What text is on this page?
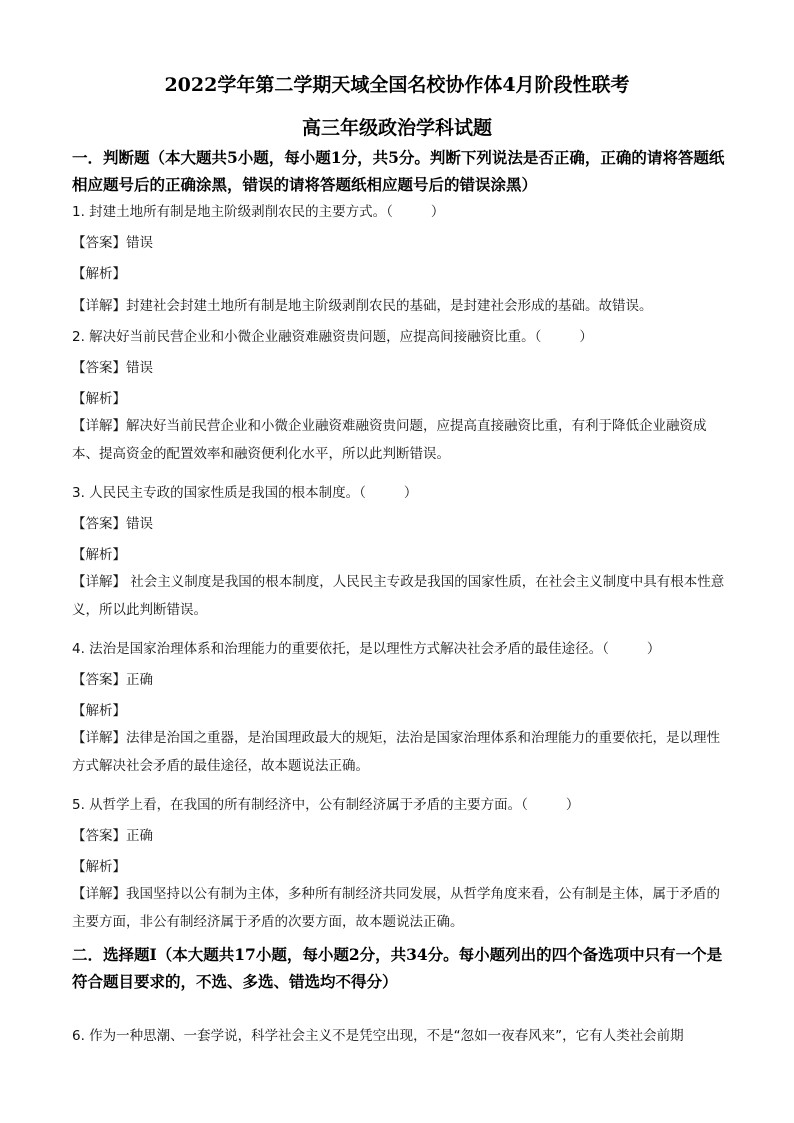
2022学年第二学期天域全国名校协作体4月阶段性联考
高三年级政治学科试题
一．判断题（本大题共5小题，每小题1分，共5分。判断下列说法是否正确，正确的请将答题纸相应题号后的正确涂黑，错误的请将答题纸相应题号后的错误涂黑）
1. 封建土地所有制是地主阶级剥削农民的主要方式。（	）
【答案】错误
【解析】
【详解】封建社会封建土地所有制是地主阶级剥削农民的基础，是封建社会形成的基础。故错误。
2. 解决好当前民营企业和小微企业融资难融资贵问题，应提高间接融资比重。（	）
【答案】错误
【解析】
【详解】解决好当前民营企业和小微企业融资难融资贵问题，应提高直接融资比重，有利于降低企业融资成本、提高资金的配置效率和融资便利化水平，所以此判断错误。
3. 人民民主专政的国家性质是我国的根本制度。（	）
【答案】错误
【解析】
【详解】 社会主义制度是我国的根本制度，人民民主专政是我国的国家性质，在社会主义制度中具有根本性意义，所以此判断错误。
4. 法治是国家治理体系和治理能力的重要依托，是以理性方式解决社会矛盾的最佳途径。（	）
【答案】正确
【解析】
【详解】法律是治国之重器，是治国理政最大的规矩，法治是国家治理体系和治理能力的重要依托，是以理性方式解决社会矛盾的最佳途径，故本题说法正确。
5. 从哲学上看，在我国的所有制经济中，公有制经济属于矛盾的主要方面。（	）
【答案】正确
【解析】
【详解】我国坚持以公有制为主体，多种所有制经济共同发展，从哲学角度来看，公有制是主体，属于矛盾的主要方面，非公有制经济属于矛盾的次要方面，故本题说法正确。
二．选择题Ⅰ（本大题共17小题，每小题2分，共34分。每小题列出的四个备选项中只有一个是符合题目要求的，不选、多选、错选均不得分）
6. 作为一种思潮、一套学说，科学社会主义不是凭空出现，不是“忽如一夜春风来”，它有人类社会前期
